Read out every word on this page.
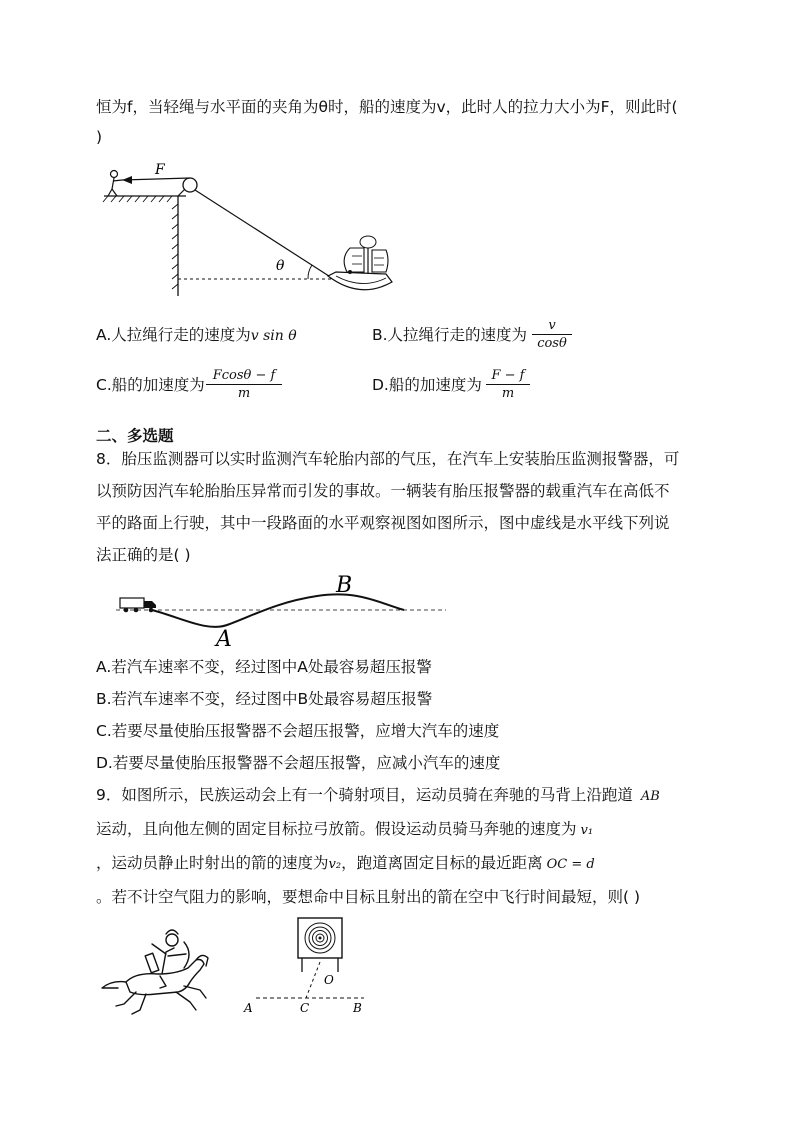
恒为f，当轻绳与水平面的夹角为θ时，船的速度为v，此时人的拉力大小为F，则此时(
)
F
θ
A.人拉绳行走的速度为v sin θ	B.人拉绳行走的速度为
v
cosθ
C.船的加速度为
Fcosθ − f
m	D.船的加速度为
F − f
m
二、多选题
8．胎压监测器可以实时监测汽车轮胎内部的气压，在汽车上安装胎压监测报警器，可
以预防因汽车轮胎胎压异常而引发的事故。一辆装有胎压报警器的载重汽车在高低不
平的路面上行驶，其中一段路面的水平观察视图如图所示，图中虚线是水平线下列说
法正确的是( )
B
A
A.若汽车速率不变，经过图中A处最容易超压报警
B.若汽车速率不变，经过图中B处最容易超压报警
C.若要尽量使胎压报警器不会超压报警，应增大汽车的速度
D.若要尽量使胎压报警器不会超压报警，应减小汽车的速度
9．如图所示，民族运动会上有一个骑射项目，运动员骑在奔驰的马背上沿跑道 AB
运动，且向他左侧的固定目标拉弓放箭。假设运动员骑马奔驰的速度为 v₁
，运动员静止时射出的箭的速度为v₂，跑道离固定目标的最近距离 OC = d
。若不计空气阻力的影响，要想命中目标且射出的箭在空中飞行时间最短，则( )
O
A	C	B
